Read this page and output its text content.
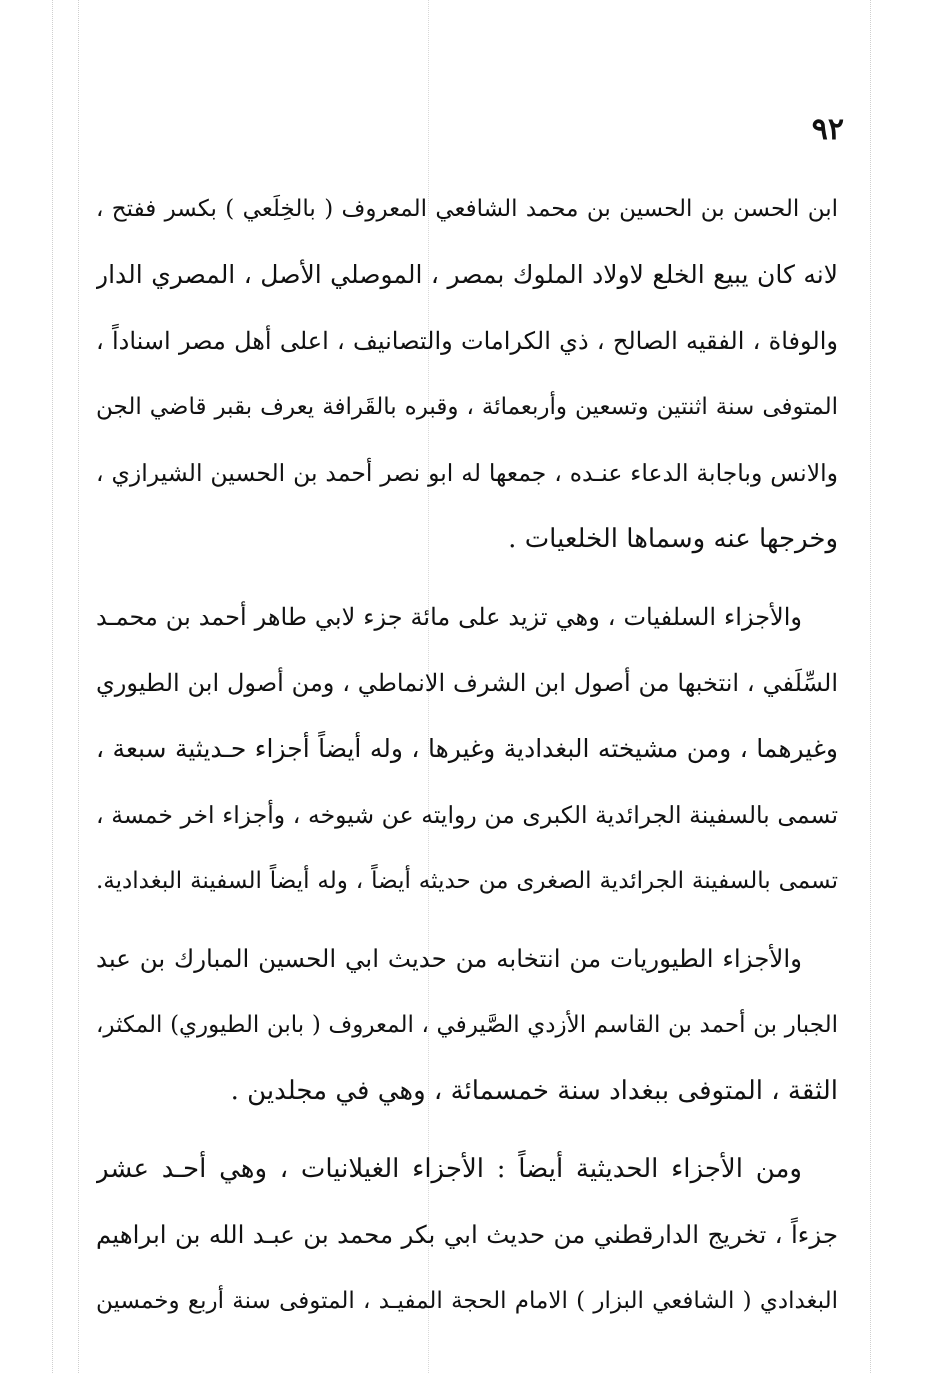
٩٢
ابن الحسن بن الحسين بن محمد الشافعي المعروف ( بالخِلَعي ) بكسر ففتح ،
لانه كان يبيع الخلع لاولاد الملوك بمصر ، الموصلي الأصل ، المصري الدار
والوفاة ، الفقيه الصالح ، ذي الكرامات والتصانيف ، اعلى أهل مصر اسناداً ،
المتوفى سنة اثنتين وتسعين وأربعمائة ، وقبره بالقَرافة يعرف بقبر قاضي الجن
والانس وباجابة الدعاء عنـده ، جمعها له ابو نصر أحمد بن الحسين الشيرازي ،
وخرجها عنه وسماها الخلعيات .
والأجزاء السلفيات ، وهي تزيد على مائة جزء لابي طاهر أحمد بن محمـد
السِّلَفي ، انتخبها من أصول ابن الشرف الانماطي ، ومن أصول ابن الطيوري
وغيرهما ، ومن مشيخته البغدادية وغيرها ، وله أيضاً أجزاء حـديثية سبعة ،
تسمى بالسفينة الجرائدية الكبرى من روايته عن شيوخه ، وأجزاء اخر خمسة ،
تسمى بالسفينة الجرائدية الصغرى من حديثه أيضاً ، وله أيضاً السفينة البغدادية.
والأجزاء الطيوريات من انتخابه من حديث ابي الحسين المبارك بن عبد
الجبار بن أحمد بن القاسم الأزدي الصَّيرفي ، المعروف ( بابن الطيوري) المكثر،
الثقة ، المتوفى ببغداد سنة خمسمائة ، وهي في مجلدين .
ومن الأجزاء الحديثية أيضاً : الأجزاء الغيلانيات ، وهي أحـد عشر
جزءاً ، تخريج الدارقطني من حديث ابي بكر محمد بن عبـد الله بن ابراهيم
البغدادي ( الشافعي البزار ) الامام الحجة المفيـد ، المتوفى سنة أربع وخمسين
